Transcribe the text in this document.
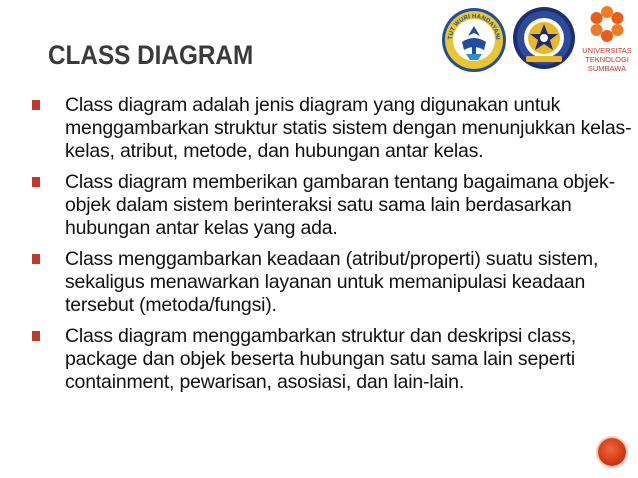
CLASS DIAGRAM
TUT WURI HANDAYANI
UNIVERSITAS
TEKNOLOGI
SUMBAWA
Class diagram adalah jenis diagram yang digunakan untuk menggambarkan struktur statis sistem dengan menunjukkan kelas-kelas, atribut, metode, dan hubungan antar kelas.
Class diagram memberikan gambaran tentang bagaimana objek-objek dalam sistem berinteraksi satu sama lain berdasarkan hubungan antar kelas yang ada.
Class menggambarkan keadaan (atribut/properti) suatu sistem, sekaligus menawarkan layanan untuk memanipulasi keadaan tersebut (metoda/fungsi).
Class diagram menggambarkan struktur dan deskripsi class, package dan objek beserta hubungan satu sama lain seperti containment, pewarisan, asosiasi, dan lain-lain.
